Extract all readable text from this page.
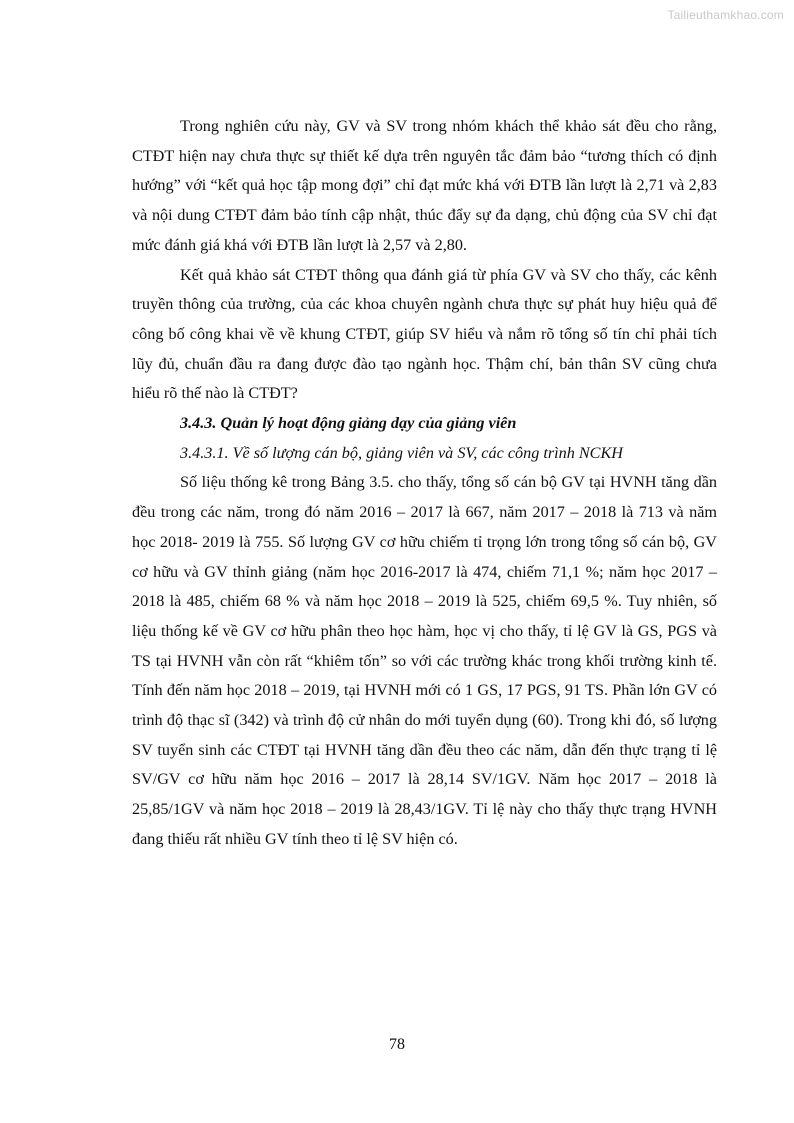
Tailieuthamkhao.com

Trong nghiên cứu này, GV và SV trong nhóm khách thể khảo sát đều cho rằng, CTĐT hiện nay chưa thực sự thiết kế dựa trên nguyên tắc đảm bảo “tương thích có định hướng” với “kết quả học tập mong đợi” chỉ đạt mức khá với ĐTB lần lượt là 2,71 và 2,83 và nội dung CTĐT đảm bảo tính cập nhật, thúc đẩy sự đa dạng, chủ động của SV chỉ đạt mức đánh giá khá với ĐTB lần lượt là 2,57 và 2,80.

Kết quả khảo sát CTĐT thông qua đánh giá từ phía GV và SV cho thấy, các kênh truyền thông của trường, của các khoa chuyên ngành chưa thực sự phát huy hiệu quả để công bố công khai về về khung CTĐT, giúp SV hiểu và nắm rõ tổng số tín chỉ phải tích lũy đủ, chuẩn đầu ra đang được đào tạo ngành học. Thậm chí, bản thân SV cũng chưa hiểu rõ thế nào là CTĐT?

3.4.3. Quản lý hoạt động giảng dạy của giảng viên

3.4.3.1. Về số lượng cán bộ, giảng viên và SV, các công trình NCKH

Số liệu thống kê trong Bảng 3.5. cho thấy, tổng số cán bộ GV tại HVNH tăng dần đều trong các năm, trong đó năm 2016 – 2017 là 667, năm 2017 – 2018 là 713 và năm học 2018- 2019 là 755. Số lượng GV cơ hữu chiếm tỉ trọng lớn trong tổng số cán bộ, GV cơ hữu và GV thỉnh giảng (năm học 2016-2017 là 474, chiếm 71,1 %; năm học 2017 – 2018 là 485, chiếm 68 % và năm học 2018 – 2019 là 525, chiếm 69,5 %. Tuy nhiên, số liệu thống kế về GV cơ hữu phân theo học hàm, học vị cho thấy, tỉ lệ GV là GS, PGS và TS tại HVNH vẫn còn rất “khiêm tốn” so với các trường khác trong khối trường kinh tế. Tính đến năm học 2018 – 2019, tại HVNH mới có 1 GS, 17 PGS, 91 TS. Phần lớn GV có trình độ thạc sĩ (342) và trình độ cử nhân do mới tuyển dụng (60). Trong khi đó, số lượng SV tuyển sinh các CTĐT tại HVNH tăng dần đều theo các năm, dẫn đến thực trạng tỉ lệ SV/GV cơ hữu năm học 2016 – 2017 là 28,14 SV/1GV. Năm học 2017 – 2018 là 25,85/1GV và năm học 2018 – 2019 là 28,43/1GV. Tỉ lệ này cho thấy thực trạng HVNH đang thiếu rất nhiều GV tính theo tỉ lệ SV hiện có.

78
